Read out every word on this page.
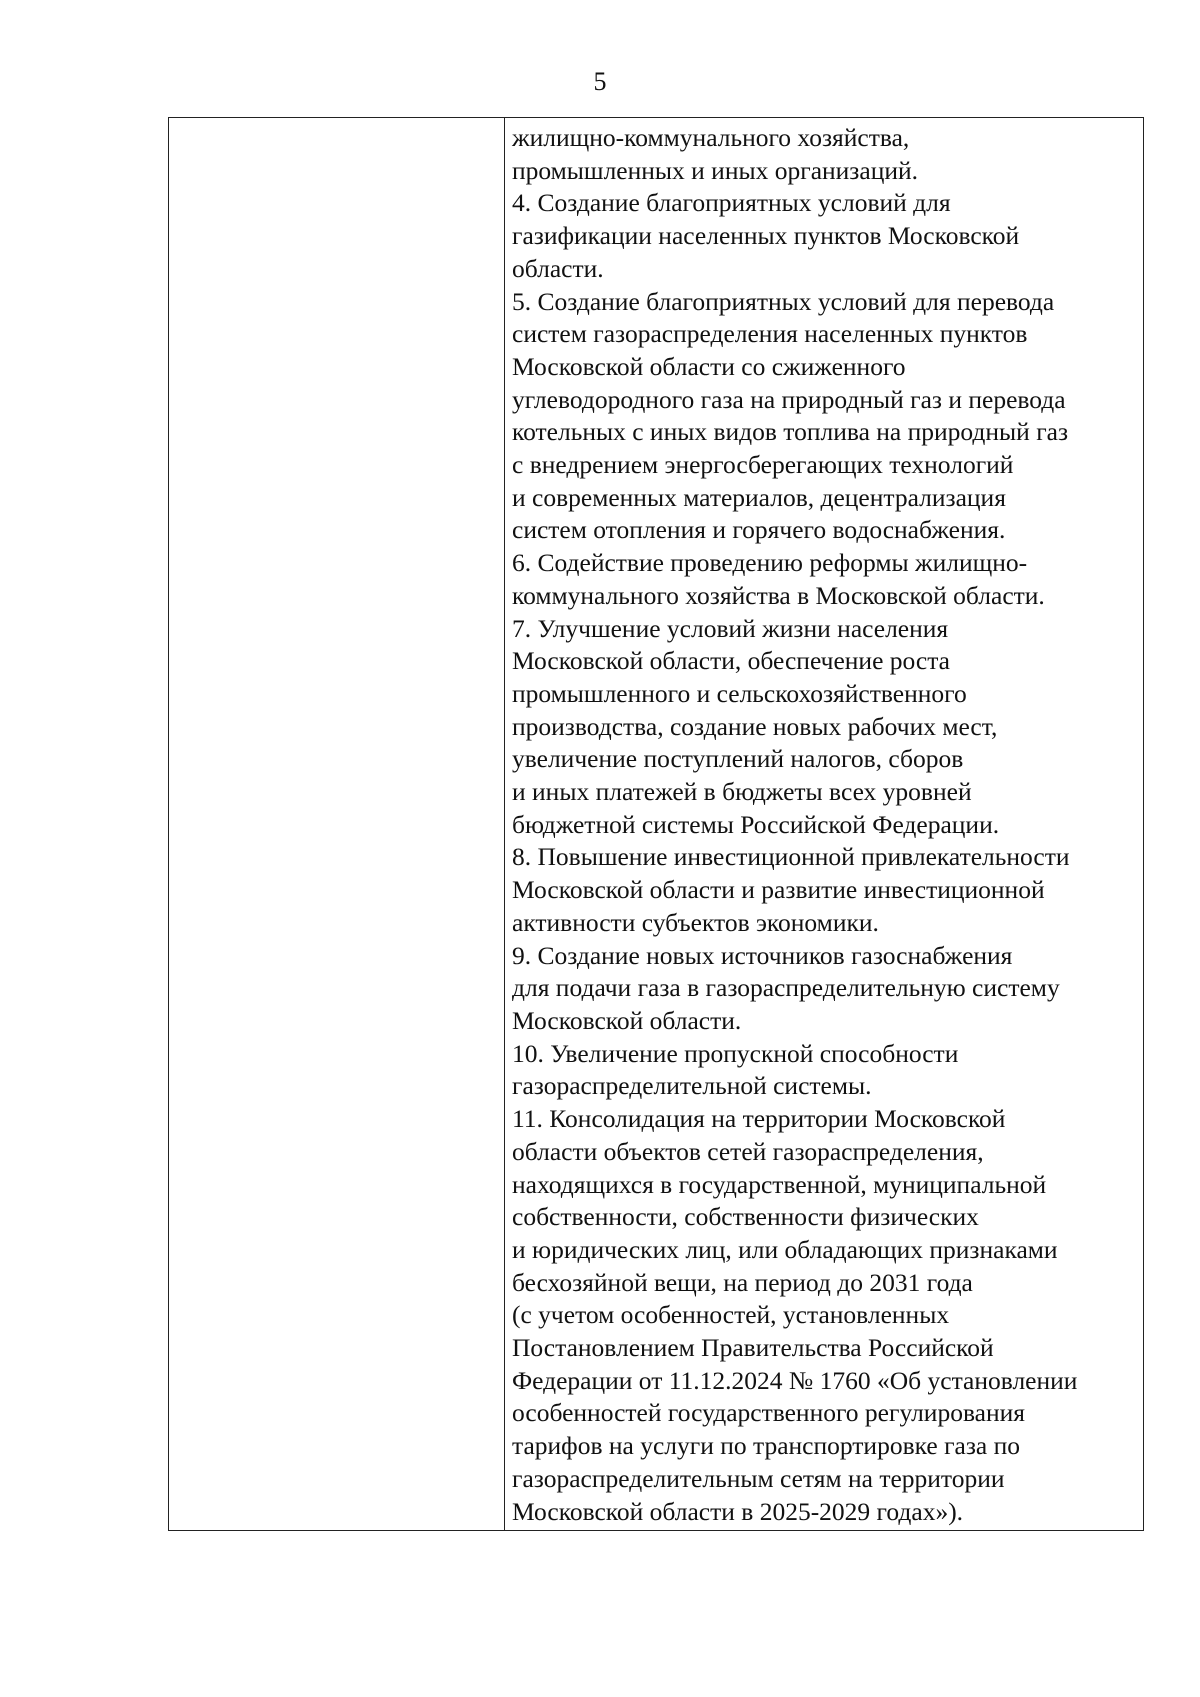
5
жилищно-коммунального хозяйства,
промышленных и иных организаций.
4. Создание благоприятных условий для
газификации населенных пунктов Московской
области.
5. Создание благоприятных условий для перевода
систем газораспределения населенных пунктов
Московской области со сжиженного
углеводородного газа на природный газ и перевода
котельных с иных видов топлива на природный газ
с внедрением энергосберегающих технологий
и современных материалов, децентрализация
систем отопления и горячего водоснабжения.
6. Содействие проведению реформы жилищно-
коммунального хозяйства в Московской области.
7. Улучшение условий жизни населения
Московской области, обеспечение роста
промышленного и сельскохозяйственного
производства, создание новых рабочих мест,
увеличение поступлений налогов, сборов
и иных платежей в бюджеты всех уровней
бюджетной системы Российской Федерации.
8. Повышение инвестиционной привлекательности
Московской области и развитие инвестиционной
активности субъектов экономики.
9. Создание новых источников газоснабжения
для подачи газа в газораспределительную систему
Московской области.
10. Увеличение пропускной способности
газораспределительной системы.
11. Консолидация на территории Московской
области объектов сетей газораспределения,
находящихся в государственной, муниципальной
собственности, собственности физических
и юридических лиц, или обладающих признаками
бесхозяйной вещи, на период до 2031 года
(с учетом особенностей, установленных
Постановлением Правительства Российской
Федерации от 11.12.2024 № 1760 «Об установлении
особенностей государственного регулирования
тарифов на услуги по транспортировке газа по
газораспределительным сетям на территории
Московской области в 2025-2029 годах»).
